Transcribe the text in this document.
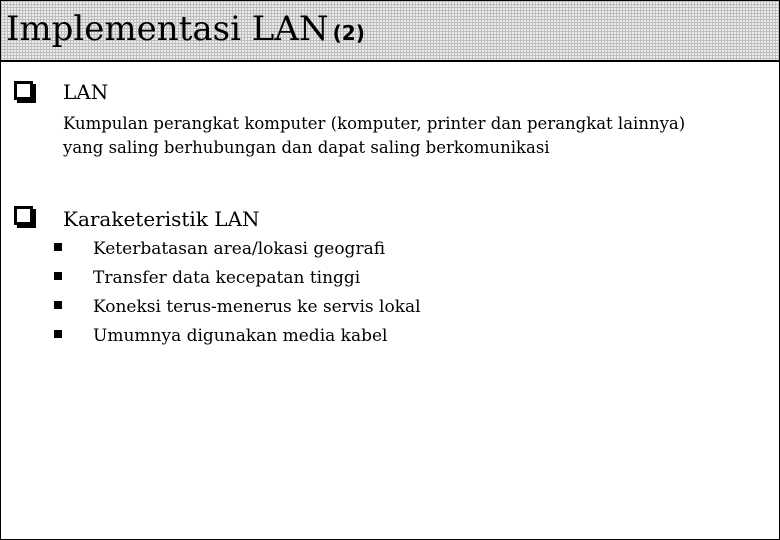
Implementasi LAN (2)
LAN
Kumpulan perangkat komputer (komputer, printer dan perangkat lainnya)
yang saling berhubungan dan dapat saling berkomunikasi
Karaketeristik LAN
Keterbatasan area/lokasi geografi
Transfer data kecepatan tinggi
Koneksi terus-menerus ke servis lokal
Umumnya digunakan media kabel
